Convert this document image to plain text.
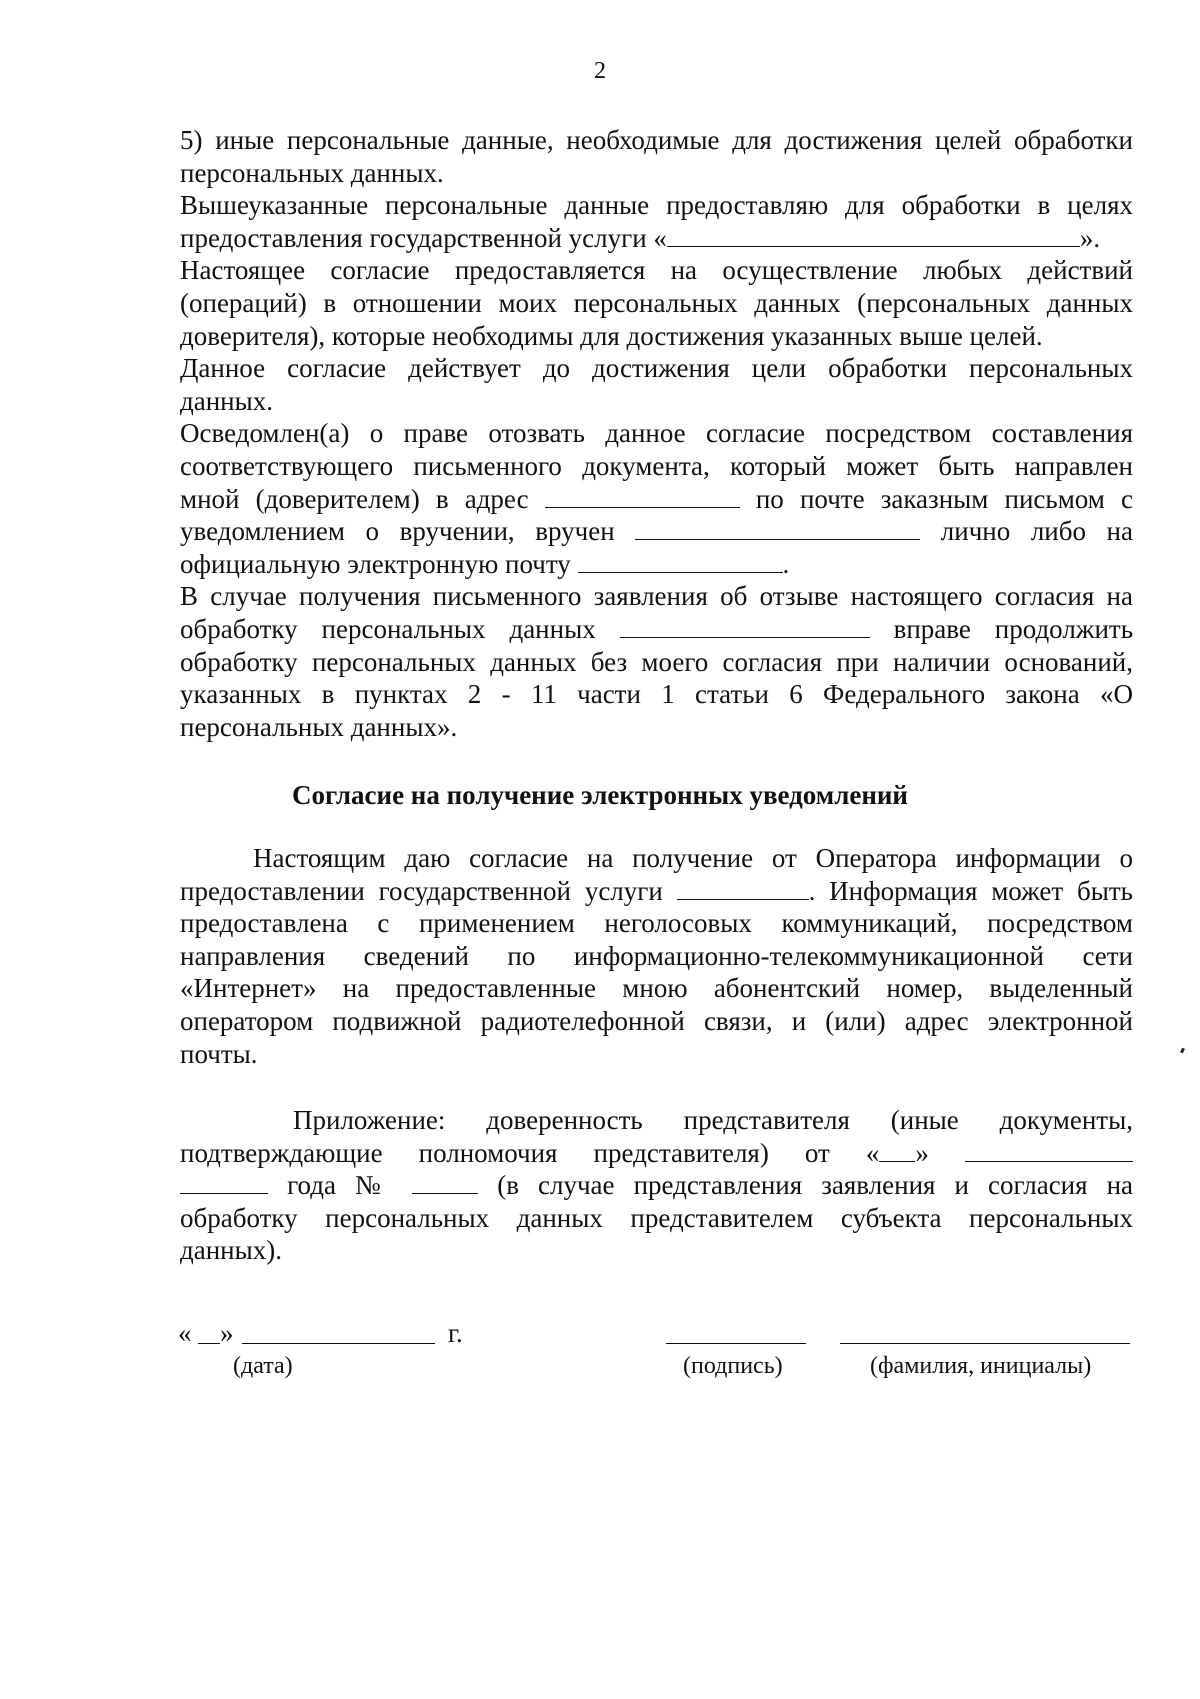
2

5) иные персональные данные, необходимые для достижения целей обработки
персональных данных.

Вышеуказанные персональные данные предоставляю для обработки в целях
предоставления государственной услуги «	».

Настоящее согласие предоставляется на осуществление любых действий
(операций) в отношении моих персональных данных (персональных данных
доверителя), которые необходимы для достижения указанных выше целей.

Данное согласие действует до достижения цели обработки персональных
данных.

Осведомлен(а) о праве отозвать данное согласие посредством составления
соответствующего письменного документа, который может быть направлен
мной (доверителем) в адрес	по почте заказным письмом с
уведомлением о вручении, вручен	лично либо на
официальную электронную почту	.

В случае получения письменного заявления об отзыве настоящего согласия на
обработку персональных данных	вправе продолжить
обработку персональных данных без моего согласия при наличии оснований,
указанных в пунктах 2 - 11 части 1 статьи 6 Федерального закона «О
персональных данных».

Согласие на получение электронных уведомлений

Настоящим даю согласие на получение от Оператора информации о
предоставлении государственной услуги	. Информация может быть
предоставлена с применением неголосовых коммуникаций, посредством
направления сведений по информационно-телекоммуникационной сети
«Интернет» на предоставленные мною абонентский номер, выделенный
оператором подвижной радиотелефонной связи, и (или) адрес электронной
почты.

Приложение: доверенность представителя (иные документы,
подтверждающие полномочия представителя) от « »
года №	(в случае представления заявления и согласия на
обработку персональных данных представителем субъекта персональных
данных).

« »	г.
(дата)	(подпись)	(фамилия, инициалы)
